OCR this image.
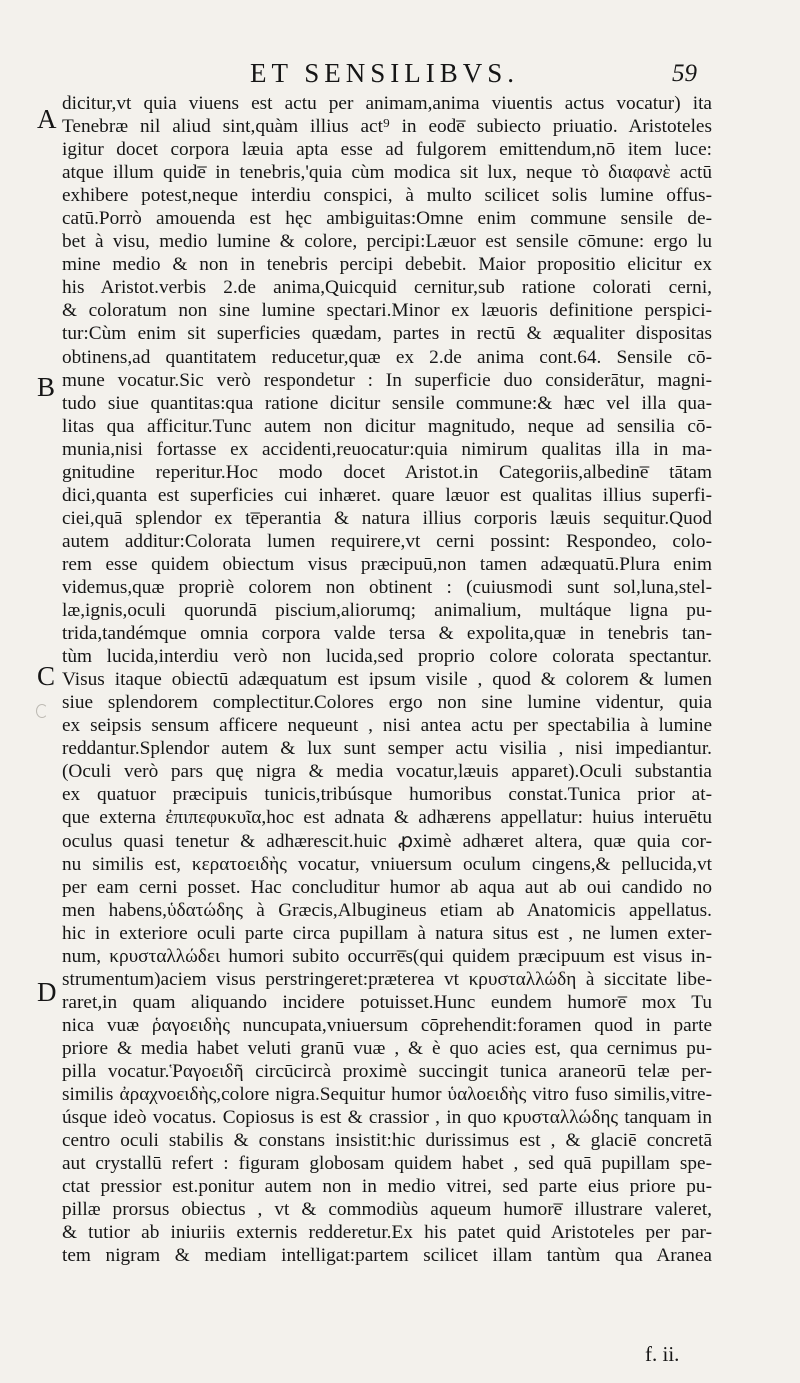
ET SENSILIBVS.	59
A
B
C
D
dicitur,vt quia viuens est actu per animam,anima viuentis actus vocatur) ita
Tenebræ nil aliud sint,quàm illius act⁹ in eode̅ subiecto priuatio. Aristoteles
igitur docet corpora læuia apta esse ad fulgorem emittendum,nō item luce:
atque illum quide̅ in tenebris,'quia cùm modica sit lux, neque τὸ διαφανὲ actū
exhibere potest,neque interdiu conspici, à multo scilicet solis lumine offus-
catū.Porrò amouenda est hęc ambiguitas:Omne enim commune sensile de-
bet à visu, medio lumine & colore, percipi:Læuor est sensile cōmune: ergo lu
mine medio & non in tenebris percipi debebit. Maior propositio elicitur ex
his Aristot.verbis 2.de anima,Quicquid cernitur,sub ratione colorati cerni,
& coloratum non sine lumine spectari.Minor ex læuoris definitione perspici-
tur:Cùm enim sit superficies quædam, partes in rectū & æqualiter dispositas
obtinens,ad quantitatem reducetur,quæ ex 2.de anima cont.64. Sensile cō-
mune vocatur.Sic verò respondetur : In superficie duo considerātur, magni-
tudo siue quantitas:qua ratione dicitur sensile commune:& hæc vel illa qua-
litas qua afficitur.Tunc autem non dicitur magnitudo, neque ad sensilia cō-
munia,nisi fortasse ex accidenti,reuocatur:quia nimirum qualitas illa in ma-
gnitudine reperitur.Hoc modo docet Aristot.in Categoriis,albedine̅ tātam
dici,quanta est superficies cui inhæret. quare læuor est qualitas illius superfi-
ciei,quā splendor ex te̅perantia & natura illius corporis læuis sequitur.Quod
autem additur:Colorata lumen requirere,vt cerni possint: Respondeo, colo-
rem esse quidem obiectum visus præcipuū,non tamen adæquatū.Plura enim
videmus,quæ propriè colorem non obtinent : (cuiusmodi sunt sol,luna,stel-
læ,ignis,oculi quorundā piscium,aliorumq; animalium, multáque ligna pu-
trida,tandémque omnia corpora valde tersa & expolita,quæ in tenebris tan-
tùm lucida,interdiu verò non lucida,sed proprio colore colorata spectantur.
Visus itaque obiectū adæquatum est ipsum visile , quod & colorem & lumen
siue splendorem complectitur.Colores ergo non sine lumine videntur, quia
ex seipsis sensum afficere nequeunt , nisi antea actu per spectabilia à lumine
reddantur.Splendor autem & lux sunt semper actu visilia , nisi impediantur.
(Oculi verò pars quę nigra & media vocatur,læuis apparet).Oculi substantia
ex quatuor præcipuis tunicis,tribúsque humoribus constat.Tunica prior at-
que externa ἐπιπεφυκυῖα,hoc est adnata & adhærens appellatur: huius interuētu
oculus quasi tenetur & adhærescit.huic ꝓximè adhæret altera, quæ quia cor-
nu similis est, κερατοειδὴς vocatur, vniuersum oculum cingens,& pellucida,vt
per eam cerni posset. Hac concluditur humor ab aqua aut ab oui candido no
men habens,ὑδατώδης à Græcis,Albugineus etiam ab Anatomicis appellatus.
hic in exteriore oculi parte circa pupillam à natura situs est , ne lumen exter-
num, κρυσταλλώδει humori subito occurre̅s(qui quidem præcipuum est visus in-
strumentum)aciem visus perstringeret:præterea vt κρυσταλλώδη à siccitate libe-
raret,in quam aliquando incidere potuisset.Hunc eundem humore̅ mox Tu
nica vuæ ῥαγοειδὴς nuncupata,vniuersum cōprehendit:foramen quod in parte
priore & media habet veluti granū vuæ , & è quo acies est, qua cernimus pu-
pilla vocatur.Ῥαγοειδῆ circūcircà proximè succingit tunica araneorū telæ per-
similis ἀραχνοειδὴς,colore nigra.Sequitur humor ὑαλοειδὴς vitro fuso similis,vitre-
úsque ideò vocatus. Copiosus is est & crassior , in quo κρυσταλλώδης tanquam in
centro oculi stabilis & constans insistit:hic durissimus est , & glaciē concretā
aut crystallū refert : figuram globosam quidem habet , sed quā pupillam spe-
ctat pressior est.ponitur autem non in medio vitrei, sed parte eius priore pu-
pillæ prorsus obiectus , vt & commodiùs aqueum humore̅ illustrare valeret,
& tutior ab iniuriis externis redderetur.Ex his patet quid Aristoteles per par-
tem nigram & mediam intelligat:partem scilicet illam tantùm qua Aranea
f. ii.
